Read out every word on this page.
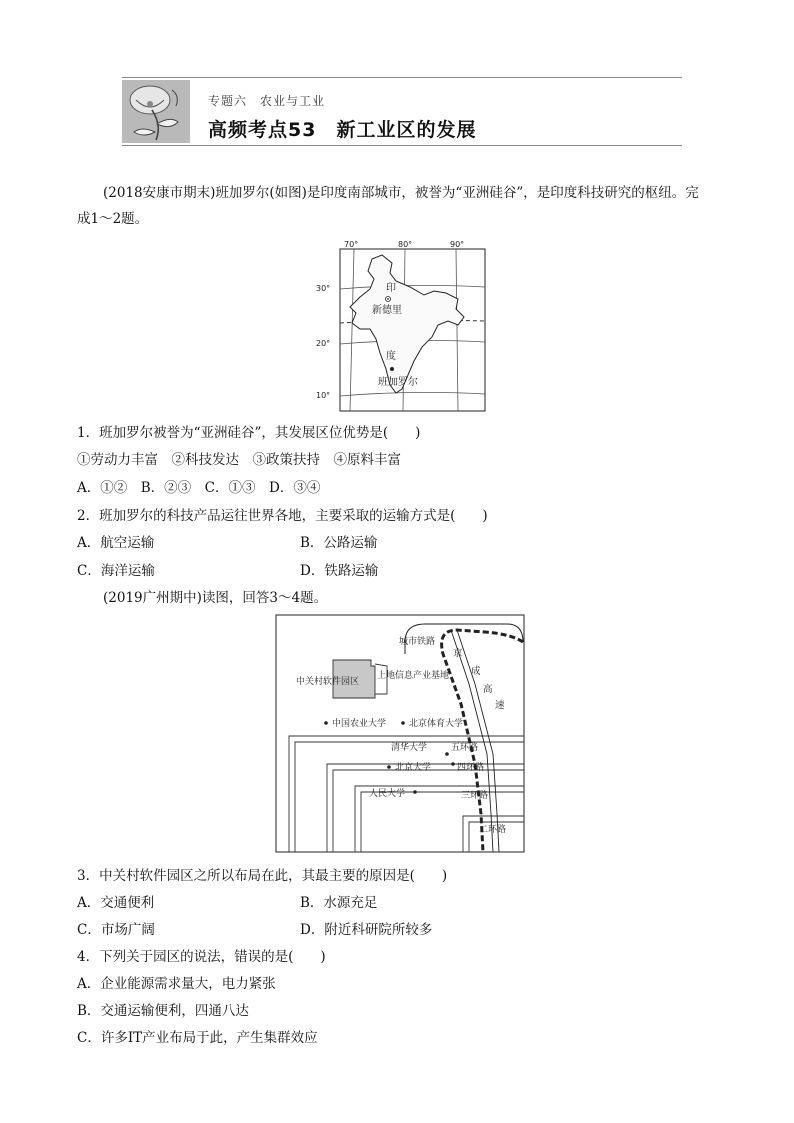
专题六　农业与工业
高频考点53　新工业区的发展
(2018安康市期末)班加罗尔(如图)是印度南部城市，被誉为“亚洲硅谷”，是印度科技研究的枢纽。完
成1～2题。
70°	80°	90°
30°
20°
10°
印
新德里
度
班加罗尔
1．班加罗尔被誉为“亚洲硅谷”，其发展区位优势是(　　)
①劳动力丰富　②科技发达　③政策扶持　④原料丰富
A．①②　B．②③　C．①③　D．③④
2．班加罗尔的科技产品运往世界各地，主要采取的运输方式是(　　)
A．航空运输	B．公路运输
C．海洋运输	D．铁路运输
(2019广州期中)读图，回答3～4题。
城市铁路
京
成
高
速
中关村软件园区
上地信息产业基地
中国农业大学	北京体育大学
清华大学	五环路
北京大学	四环路
人民大学	三环路
二环路
3．中关村软件园区之所以布局在此，其最主要的原因是(　　)
A．交通便利	B．水源充足
C．市场广阔	D．附近科研院所较多
4．下列关于园区的说法，错误的是(　　)
A．企业能源需求量大，电力紧张
B．交通运输便利，四通八达
C．许多IT产业布局于此，产生集群效应
